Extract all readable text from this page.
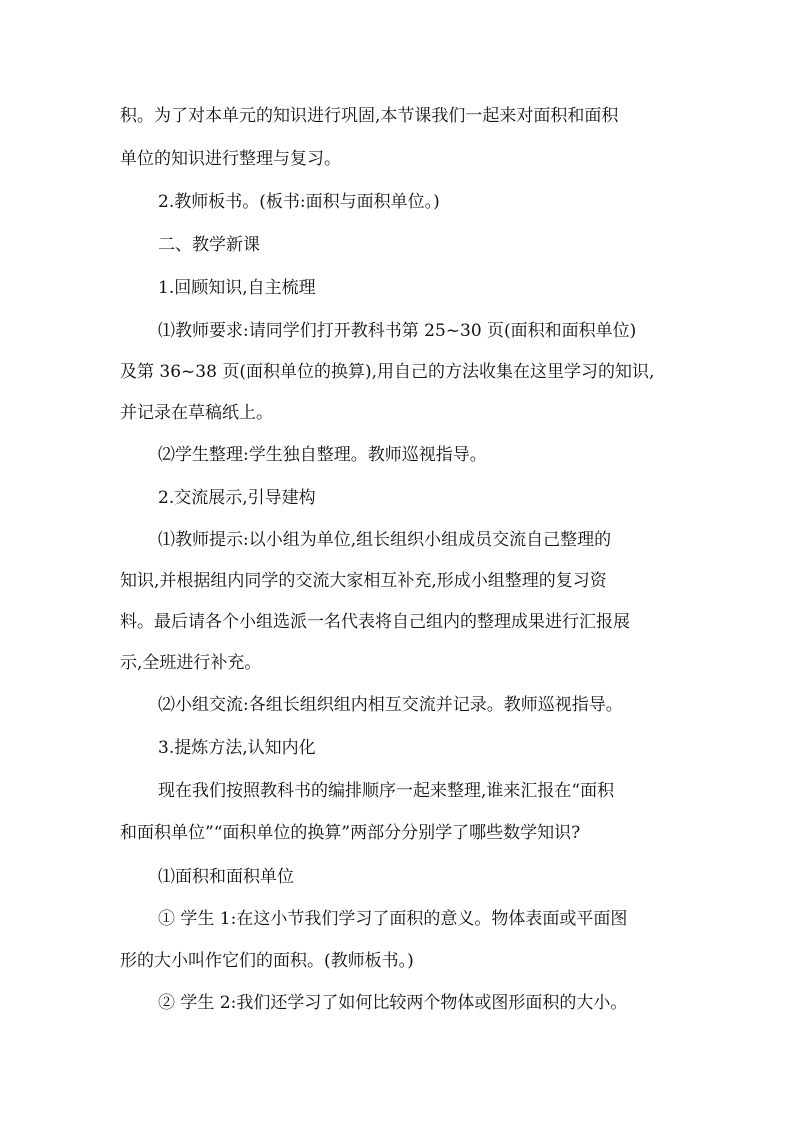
积。为了对本单元的知识进行巩固,本节课我们一起来对面积和面积
单位的知识进行整理与复习。
2.教师板书。(板书:面积与面积单位。)
二、教学新课
1.回顾知识,自主梳理
⑴教师要求:请同学们打开教科书第 25~30 页(面积和面积单位)
及第 36~38 页(面积单位的换算),用自己的方法收集在这里学习的知识,
并记录在草稿纸上。
⑵学生整理:学生独自整理。教师巡视指导。
2.交流展示,引导建构
⑴教师提示:以小组为单位,组长组织小组成员交流自己整理的
知识,并根据组内同学的交流大家相互补充,形成小组整理的复习资
料。最后请各个小组选派一名代表将自己组内的整理成果进行汇报展
示,全班进行补充。
⑵小组交流:各组长组织组内相互交流并记录。教师巡视指导。
3.提炼方法,认知内化
现在我们按照教科书的编排顺序一起来整理,谁来汇报在“面积
和面积单位”“面积单位的换算”两部分分别学了哪些数学知识?
⑴面积和面积单位
① 学生 1:在这小节我们学习了面积的意义。物体表面或平面图
形的大小叫作它们的面积。(教师板书。)
② 学生 2:我们还学习了如何比较两个物体或图形面积的大小。
